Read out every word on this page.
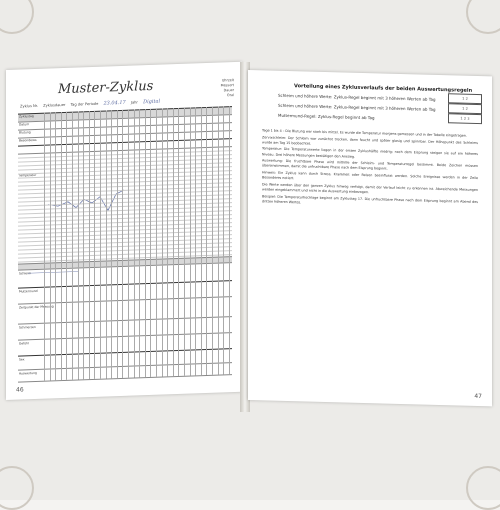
Muster-Zyklus	Uhrzeit
Messort
Dauer
Oral
Zyklus Nr. Zyklusdauer Tag der Periode 23.04.17 Jahr Digital
Zyklustag
Datum
Blutung
Besonderes
Temperatur
Schleim
Muttermund
Zeitpunkt der Messung
Schmerzen
Gefühl
Sex
Auswertung
46
Vorteilung eines Zyklusverlaufs der beiden Auswertungsregeln
Schleim und höhere Werte: Zyklus-Regel beginnt mit 3 höheren Werten ab Tag
Schleim und höhere Werte: Zyklus-Regel beginnt mit 3 höheren Werten ab Tag
Muttermund-Regel: Zyklus-Regel beginnt ab Tag
1 2
1 2
1 2 3

Tage 1 bis 4 – Die Blutung war stark bis mittel. Es wurde die Temperatur morgens gemessen und in der Tabelle eingetragen.

Zervixschleim: Der Schleim war zunächst trocken, dann feucht und später glasig und spinnbar. Der Höhepunkt des Schleims wurde am Tag 15 beobachtet.

Temperatur: Die Temperaturwerte liegen in der ersten Zyklushälfte niedrig; nach dem Eisprung steigen sie auf ein höheres Niveau. Drei höhere Messungen bestätigen den Anstieg.

Auswertung: Die fruchtbare Phase wird mithilfe der Schleim- und Temperaturregel bestimmt. Beide Zeichen müssen übereinstimmen, damit die unfruchtbare Phase nach dem Eisprung beginnt.

Hinweis: Ein Zyklus kann durch Stress, Krankheit oder Reisen beeinflusst werden. Solche Ereignisse werden in der Zeile Besonderes notiert.

Die Werte werden über den ganzen Zyklus hinweg verfolgt, damit der Verlauf leicht zu erkennen ist. Abweichende Messungen werden eingeklammert und nicht in die Auswertung einbezogen.

Beispiel: Die Temperaturhochlage beginnt am Zyklustag 17. Die unfruchtbare Phase nach dem Eisprung beginnt am Abend des dritten höheren Wertes.

47
